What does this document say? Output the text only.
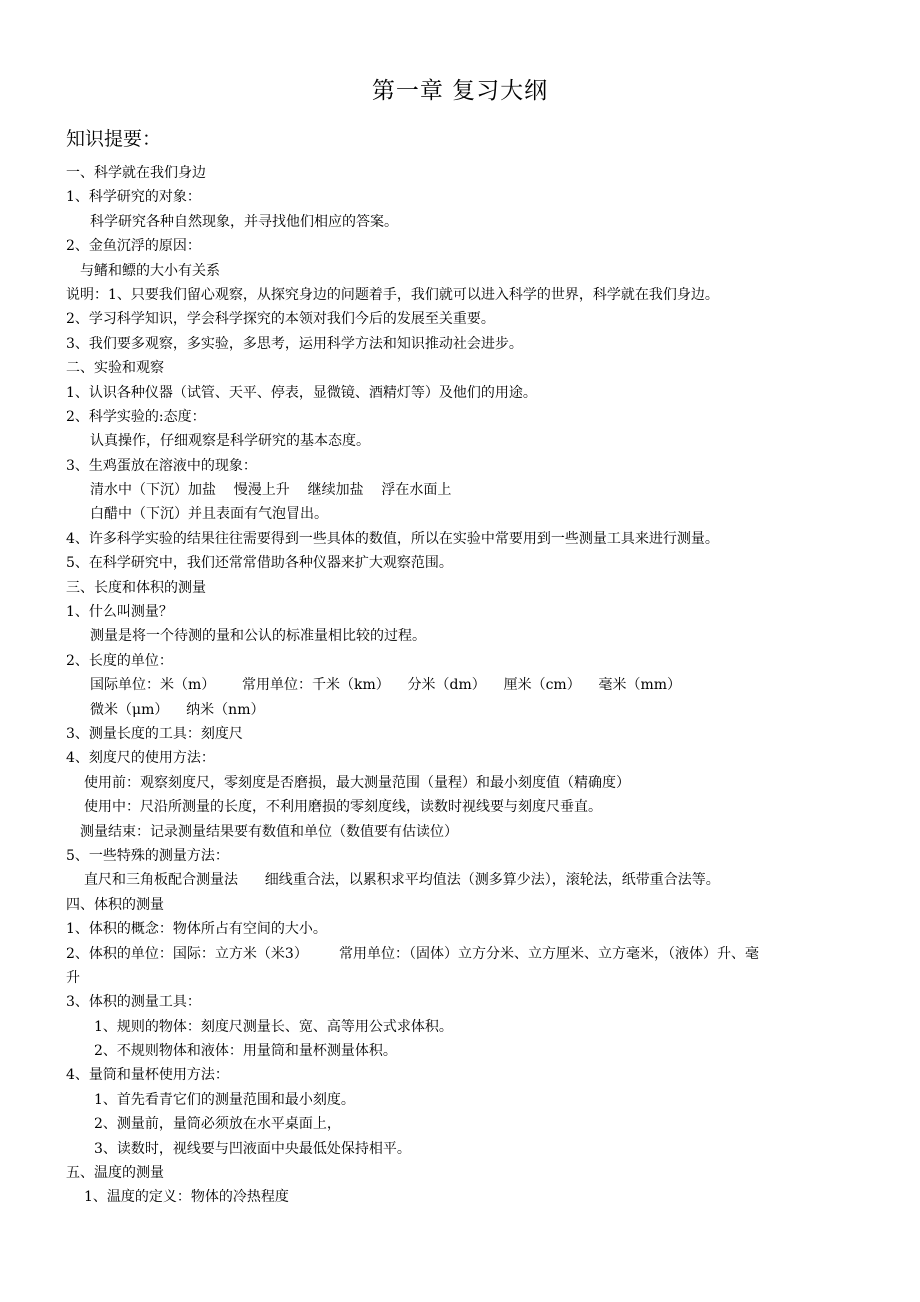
第一章 复习大纲
知识提要：
一、科学就在我们身边
1、科学研究的对象：
科学研究各种自然现象，并寻找他们相应的答案。
2、金鱼沉浮的原因：
与鳍和鳔的大小有关系
说明：1、只要我们留心观察，从探究身边的问题着手，我们就可以进入科学的世界，科学就在我们身边。
2、学习科学知识，学会科学探究的本领对我们今后的发展至关重要。
3、我们要多观察，多实验，多思考，运用科学方法和知识推动社会进步。
二、实验和观察
1、认识各种仪器（试管、天平、停表，显微镜、酒精灯等）及他们的用途。
2、科学实验的:态度：
认真操作，仔细观察是科学研究的基本态度。
3、生鸡蛋放在溶液中的现象：
清水中（下沉）加盐    慢漫上升    继续加盐    浮在水面上
白醋中（下沉）并且表面有气泡冒出。
4、许多科学实验的结果往往需要得到一些具体的数值，所以在实验中常要用到一些测量工具来进行测量。
5、在科学研究中，我们还常常借助各种仪器来扩大观察范围。
三、长度和体积的测量
1、什么叫测量？
测量是将一个待测的量和公认的标准量相比较的过程。
2、长度的单位：
国际单位：米（m）      常用单位：千米（km）    分米（dm）    厘米（cm）    毫米（mm）
微米（μm）    纳米（nm）
3、测量长度的工具：刻度尺
4、刻度尺的使用方法：
使用前：观察刻度尺，零刻度是否磨损，最大测量范围（量程）和最小刻度值（精确度）
使用中：尺沿所测量的长度，不利用磨损的零刻度线，读数时视线要与刻度尺垂直。
测量结束：记录测量结果要有数值和单位（数值要有估读位）
5、一些特殊的测量方法：
直尺和三角板配合测量法      细线重合法，以累积求平均值法（测多算少法），滚轮法，纸带重合法等。
四、体积的测量
1、体积的概念：物体所占有空间的大小。
2、体积的单位：国际：立方米（米3）       常用单位：（固体）立方分米、立方厘米、立方毫米，（液体）升、毫
升
3、体积的测量工具：
1、规则的物体：刻度尺测量长、宽、高等用公式求体积。
2、不规则物体和液体：用量筒和量杯测量体积。
4、量筒和量杯使用方法：
1、首先看青它们的测量范围和最小刻度。
2、测量前，量筒必须放在水平桌面上，
3、读数时，视线要与凹液面中央最低处保持相平。
五、温度的测量
1、温度的定义：物体的冷热程度
